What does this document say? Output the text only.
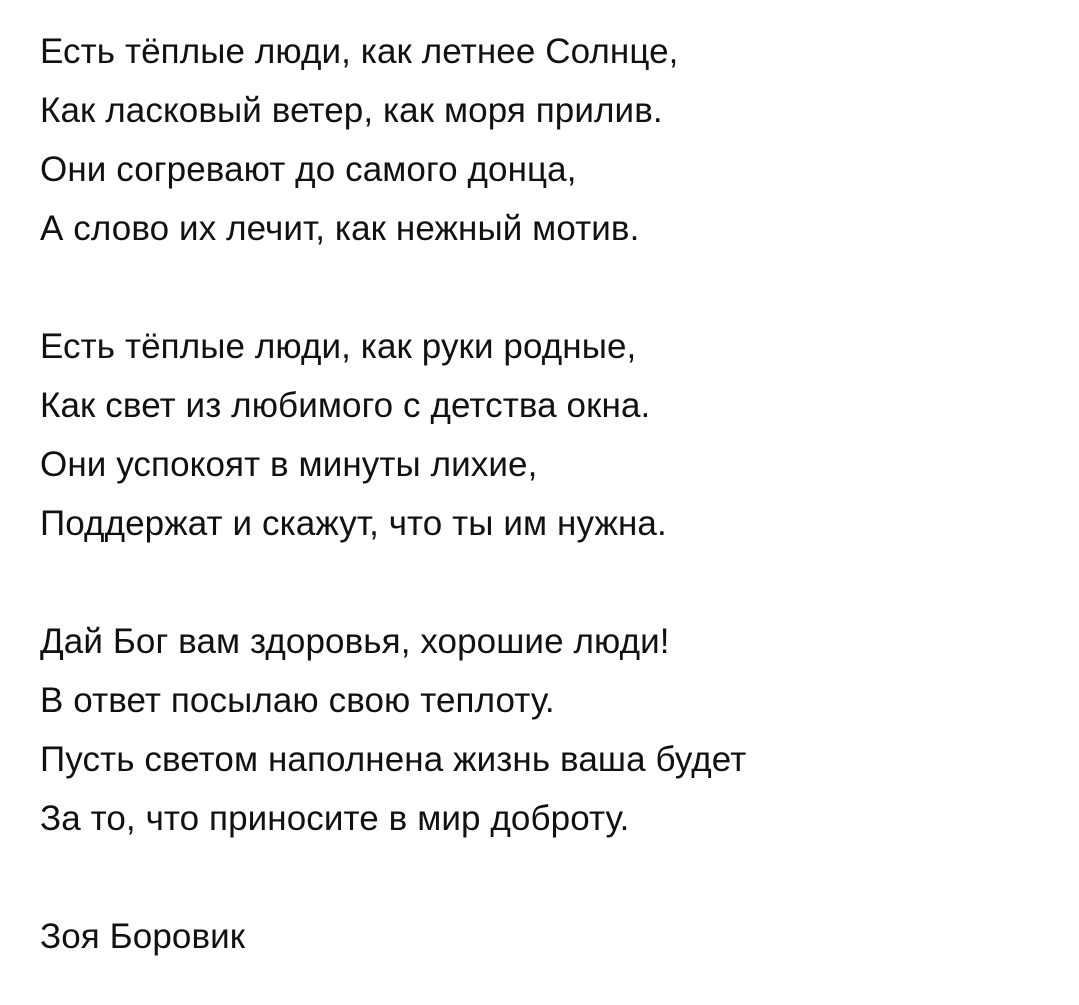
Есть тёплые люди, как летнее Солнце,
Как ласковый ветер, как моря прилив.
Они согревают до самого донца,
А слово их лечит, как нежный мотив.
Есть тёплые люди, как руки родные,
Как свет из любимого с детства окна.
Они успокоят в минуты лихие,
Поддержат и скажут, что ты им нужна.
Дай Бог вам здоровья, хорошие люди!
В ответ посылаю свою теплоту.
Пусть светом наполнена жизнь ваша будет
За то, что приносите в мир доброту.
Зоя Боровик
